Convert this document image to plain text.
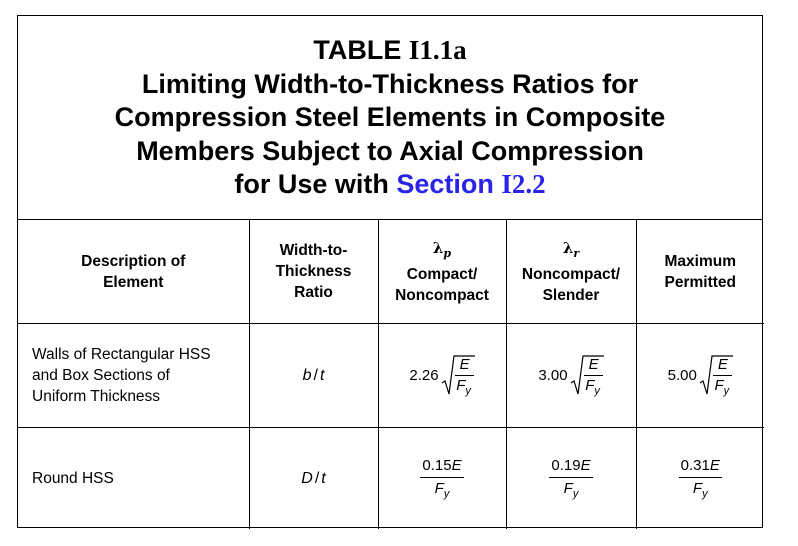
TABLE I1.1a
Limiting Width-to-Thickness Ratios for
Compression Steel Elements in Composite
Members Subject to Axial Compression
for Use with Section I2.2
Description of
Element	Width-to-
Thickness
Ratio	$\lambda_p$
Compact/
Noncompact	$\lambda_r$
Noncompact/
Slender	Maximum
Permitted
Walls of Rectangular HSS
and Box Sections of
Uniform Thickness	b / t	2.26
E
$F_y$	3.00
E
$F_y$	5.00
E
$F_y$

Round HSS	D / t	$\frac{0.15E}{F_y}$	$\frac{0.19E}{F_y}$	$\frac{0.31E}{F_y}$
